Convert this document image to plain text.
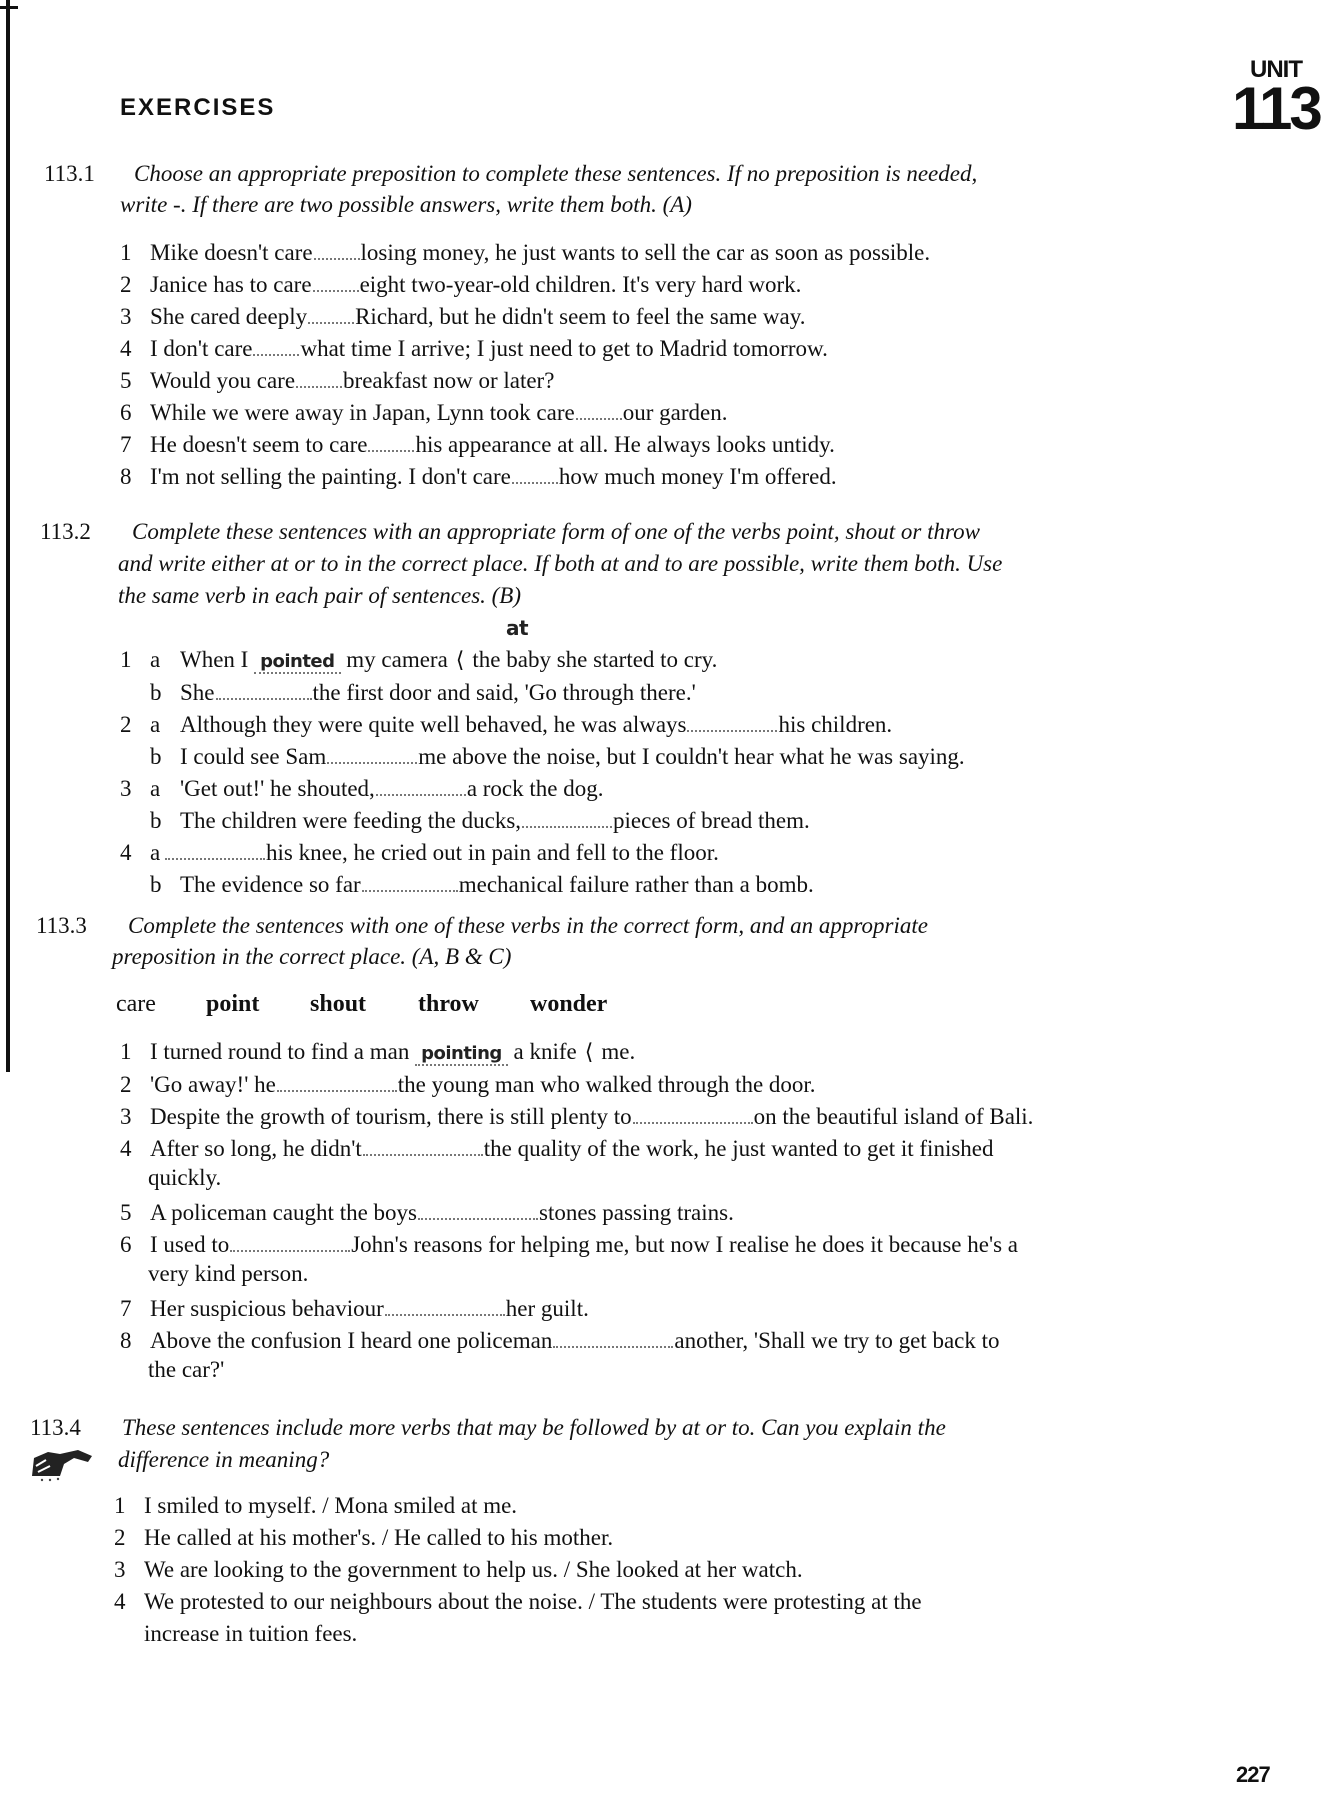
EXERCISES
UNIT
113
113.1 Choose an appropriate preposition to complete these sentences. If no preposition is needed,
write -. If there are two possible answers, write them both. (A)
1 Mike doesn't care losing money, he just wants to sell the car as soon as possible.
2 Janice has to care eight two-year-old children. It's very hard work.
3 She cared deeply Richard, but he didn't seem to feel the same way.
4 I don't care what time I arrive; I just need to get to Madrid tomorrow.
5 Would you care breakfast now or later?
6 While we were away in Japan, Lynn took care our garden.
7 He doesn't seem to care his appearance at all. He always looks untidy.
8 I'm not selling the painting. I don't care how much money I'm offered.
113.2 Complete these sentences with an appropriate form of one of the verbs point, shout or throw
and write either at or to in the correct place. If both at and to are possible, write them both. Use
the same verb in each pair of sentences. (B)
at
1 a When I pointed my camera ⟨ the baby she started to cry.
b She	the first door and said, 'Go through there.'
2 a Although they were quite well behaved, he was always	his children.
b I could see Sam	me above the noise, but I couldn't hear what he was saying.
3 a 'Get out!' he shouted,	a rock the dog.
b The children were feeding the ducks,	pieces of bread them.
4 a	his knee, he cried out in pain and fell to the floor.
b The evidence so far	mechanical failure rather than a bomb.
113.3 Complete the sentences with one of these verbs in the correct form, and an appropriate
preposition in the correct place. (A, B & C)
care point shout throw wonder
1 I turned round to find a man pointing a knife ⟨ me.
2 'Go away!' he	the young man who walked through the door.
3 Despite the growth of tourism, there is still plenty to	on the beautiful island of Bali.
4 After so long, he didn't	the quality of the work, he just wanted to get it finished
quickly.
5 A policeman caught the boys	stones passing trains.
6 I used to	John's reasons for helping me, but now I realise he does it because he's a
very kind person.
7 Her suspicious behaviour	her guilt.
8 Above the confusion I heard one policeman	another, 'Shall we try to get back to
the car?'
113.4 These sentences include more verbs that may be followed by at or to. Can you explain the
difference in meaning?
1 I smiled to myself. / Mona smiled at me.
2 He called at his mother's. / He called to his mother.
3 We are looking to the government to help us. / She looked at her watch.
4 We protested to our neighbours about the noise. / The students were protesting at the
increase in tuition fees.
227
